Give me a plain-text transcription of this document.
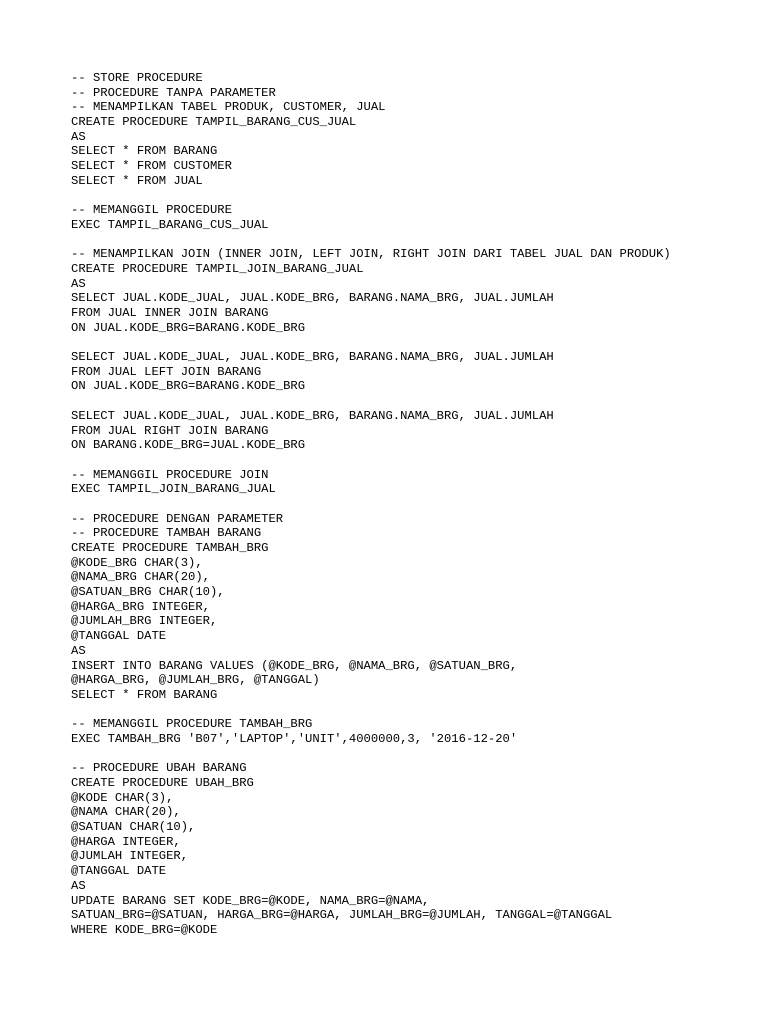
-- STORE PROCEDURE
-- PROCEDURE TANPA PARAMETER
-- MENAMPILKAN TABEL PRODUK, CUSTOMER, JUAL
CREATE PROCEDURE TAMPIL_BARANG_CUS_JUAL
AS
SELECT * FROM BARANG
SELECT * FROM CUSTOMER
SELECT * FROM JUAL
-- MEMANGGIL PROCEDURE
EXEC TAMPIL_BARANG_CUS_JUAL
-- MENAMPILKAN JOIN (INNER JOIN, LEFT JOIN, RIGHT JOIN DARI TABEL JUAL DAN PRODUK)
CREATE PROCEDURE TAMPIL_JOIN_BARANG_JUAL
AS
SELECT JUAL.KODE_JUAL, JUAL.KODE_BRG, BARANG.NAMA_BRG, JUAL.JUMLAH
FROM JUAL INNER JOIN BARANG
ON JUAL.KODE_BRG=BARANG.KODE_BRG
SELECT JUAL.KODE_JUAL, JUAL.KODE_BRG, BARANG.NAMA_BRG, JUAL.JUMLAH
FROM JUAL LEFT JOIN BARANG
ON JUAL.KODE_BRG=BARANG.KODE_BRG
SELECT JUAL.KODE_JUAL, JUAL.KODE_BRG, BARANG.NAMA_BRG, JUAL.JUMLAH
FROM JUAL RIGHT JOIN BARANG
ON BARANG.KODE_BRG=JUAL.KODE_BRG
-- MEMANGGIL PROCEDURE JOIN
EXEC TAMPIL_JOIN_BARANG_JUAL
-- PROCEDURE DENGAN PARAMETER
-- PROCEDURE TAMBAH BARANG
CREATE PROCEDURE TAMBAH_BRG
@KODE_BRG CHAR(3),
@NAMA_BRG CHAR(20),
@SATUAN_BRG CHAR(10),
@HARGA_BRG INTEGER,
@JUMLAH_BRG INTEGER,
@TANGGAL DATE
AS
INSERT INTO BARANG VALUES (@KODE_BRG, @NAMA_BRG, @SATUAN_BRG,
@HARGA_BRG, @JUMLAH_BRG, @TANGGAL)
SELECT * FROM BARANG
-- MEMANGGIL PROCEDURE TAMBAH_BRG
EXEC TAMBAH_BRG 'B07','LAPTOP','UNIT',4000000,3, '2016-12-20'
-- PROCEDURE UBAH BARANG
CREATE PROCEDURE UBAH_BRG
@KODE CHAR(3),
@NAMA CHAR(20),
@SATUAN CHAR(10),
@HARGA INTEGER,
@JUMLAH INTEGER,
@TANGGAL DATE
AS
UPDATE BARANG SET KODE_BRG=@KODE, NAMA_BRG=@NAMA,
SATUAN_BRG=@SATUAN, HARGA_BRG=@HARGA, JUMLAH_BRG=@JUMLAH, TANGGAL=@TANGGAL
WHERE KODE_BRG=@KODE
